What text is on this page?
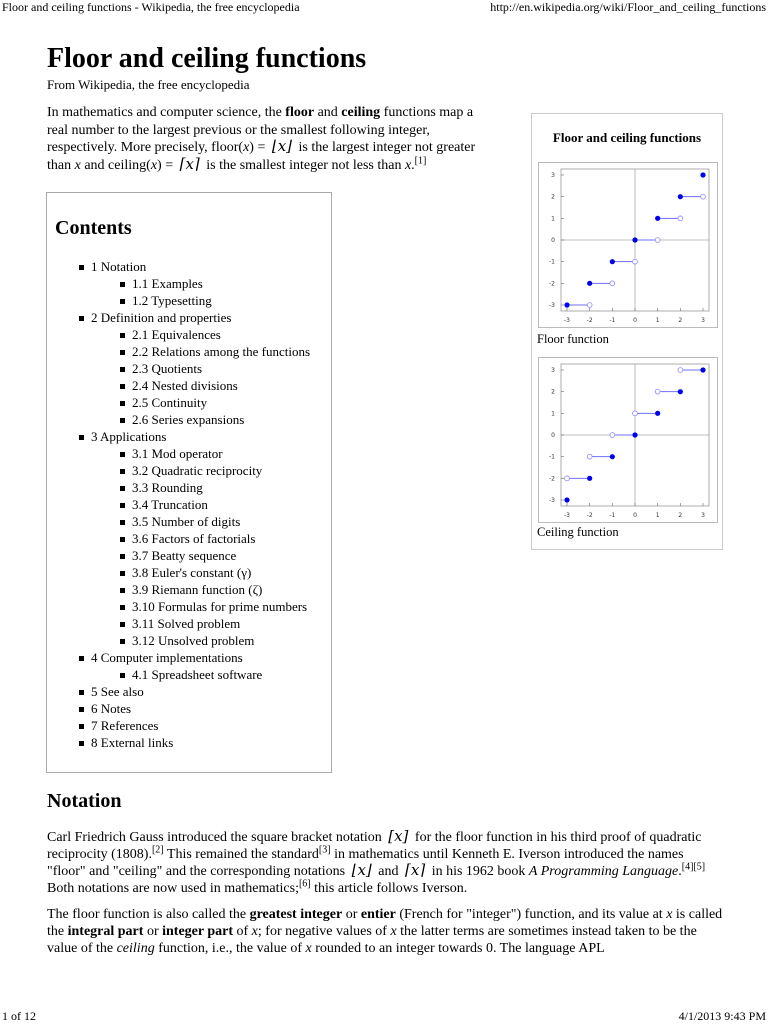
Floor and ceiling functions - Wikipedia, the free encyclopedia	http://en.wikipedia.org/wiki/Floor_and_ceiling_functions
Floor and ceiling functions
From Wikipedia, the free encyclopedia

In mathematics and computer science, the floor and ceiling functions map a real number to the largest previous or the smallest following integer, respectively. More precisely, floor(x) = ⌊x⌋ is the largest integer not greater than x and ceiling(x) = ⌈x⌉ is the smallest integer not less than x.[1]

Contents
1 Notation
1.1 Examples
1.2 Typesetting
2 Definition and properties
2.1 Equivalences
2.2 Relations among the functions
2.3 Quotients
2.4 Nested divisions
2.5 Continuity
2.6 Series expansions
3 Applications
3.1 Mod operator
3.2 Quadratic reciprocity
3.3 Rounding
3.4 Truncation
3.5 Number of digits
3.6 Factors of factorials
3.7 Beatty sequence
3.8 Euler's constant (γ)
3.9 Riemann function (ζ)
3.10 Formulas for prime numbers
3.11 Solved problem
3.12 Unsolved problem
4 Computer implementations
4.1 Spreadsheet software
5 See also
6 Notes
7 References
8 External links
Floor and ceiling functions
-3	-2	-1	0	1	2	3
3
2
1
0
-1
-2
-3
Floor function
-3	-2	-1	0	1	2	3
3
2
1
0
-1
-2
-3
Ceiling function
Notation

Carl Friedrich Gauss introduced the square bracket notation [x] for the floor function in his third proof of quadratic reciprocity (1808).[2] This remained the standard[3] in mathematics until Kenneth E. Iverson introduced the names "floor" and "ceiling" and the corresponding notations ⌊x⌋ and ⌈x⌉ in his 1962 book A Programming Language.[4][5] Both notations are now used in mathematics;[6] this article follows Iverson.

The floor function is also called the greatest integer or entier (French for "integer") function, and its value at x is called the integral part or integer part of x; for negative values of x the latter terms are sometimes instead taken to be the value of the ceiling function, i.e., the value of x rounded to an integer towards 0. The language APL

1 of 12	4/1/2013 9:43 PM
